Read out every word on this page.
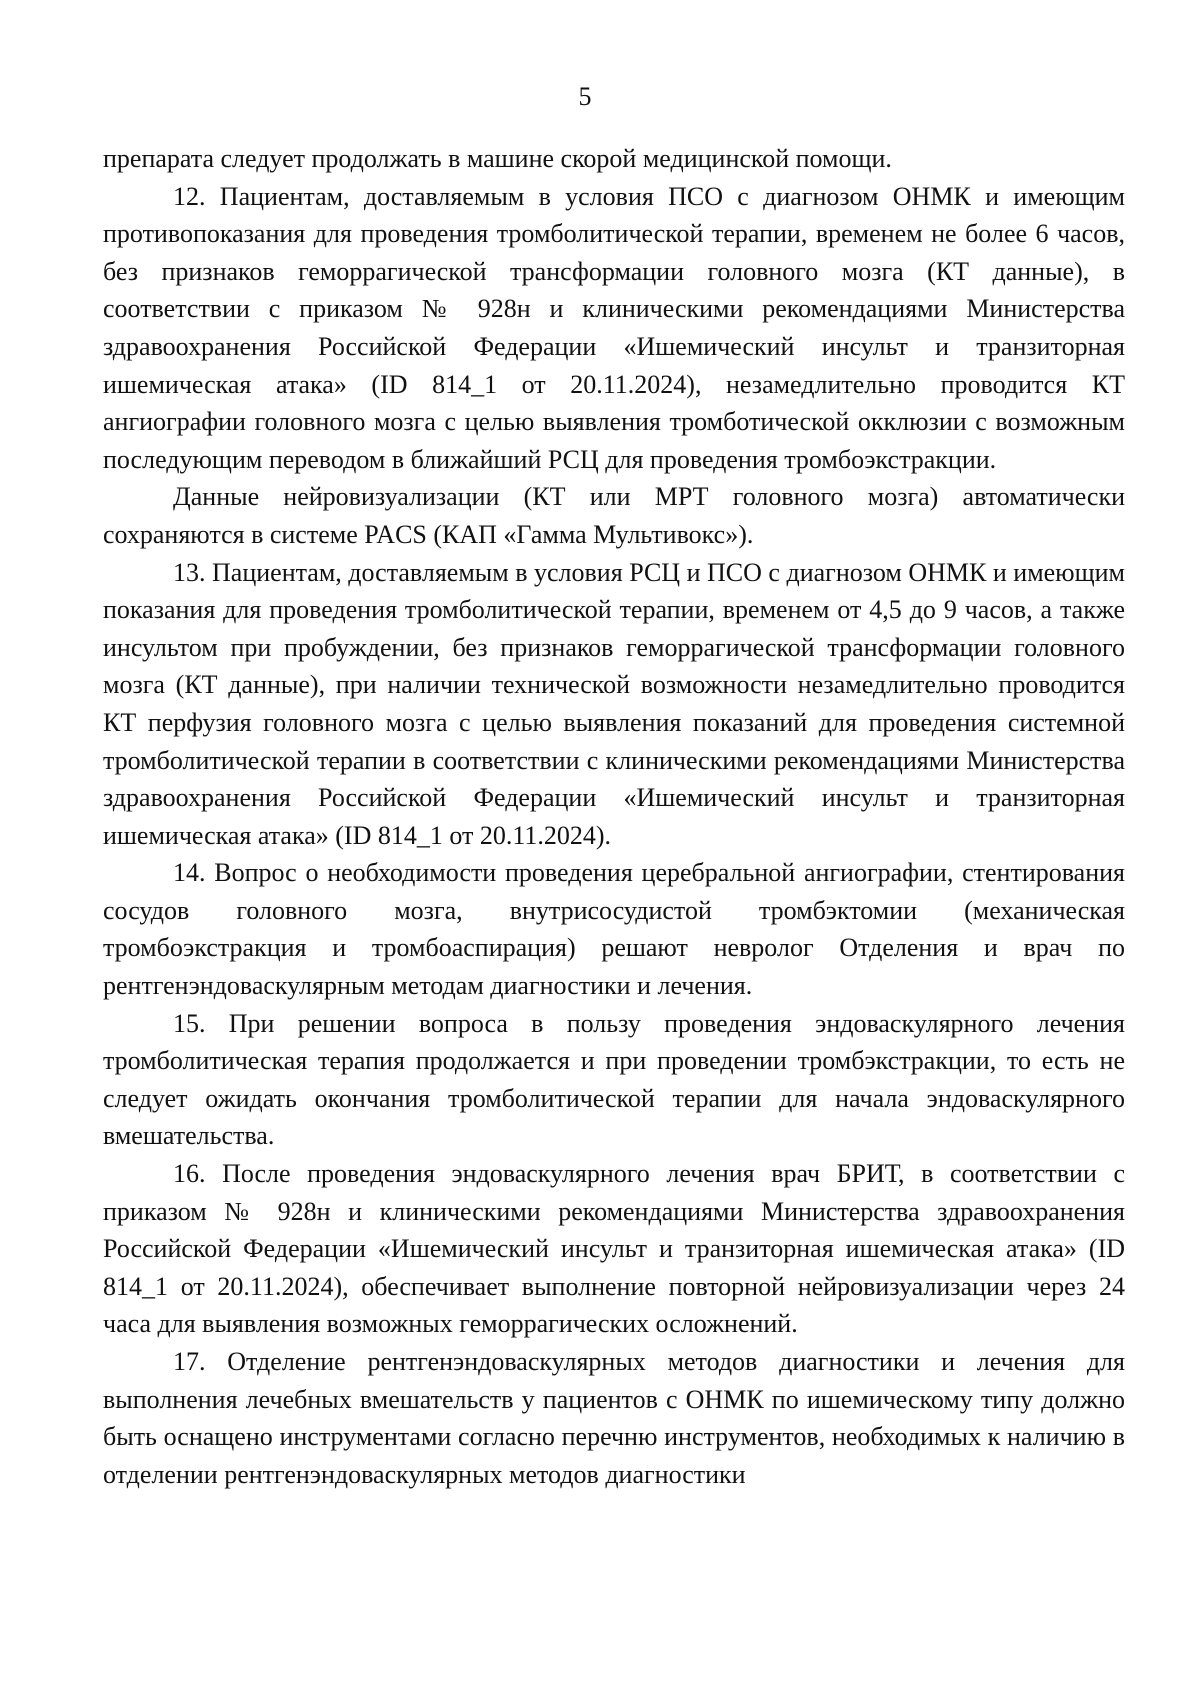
5

препарата следует продолжать в машине скорой медицинской помощи.

12. Пациентам, доставляемым в условия ПСО с диагнозом ОНМК и имеющим противопоказания для проведения тромболитической терапии, временем не более 6 часов, без признаков геморрагической трансформации головного мозга (КТ данные), в соответствии с приказом № 928н и клиническими рекомендациями Министерства здравоохранения Российской Федерации «Ишемический инсульт и транзиторная ишемическая атака» (ID 814_1 от 20.11.2024), незамедлительно проводится КТ ангиографии головного мозга с целью выявления тромботической окклюзии с возможным последующим переводом в ближайший РСЦ для проведения тромбоэкстракции.

Данные нейровизуализации (КТ или МРТ головного мозга) автоматически сохраняются в системе PACS (КАП «Гамма Мультивокс»).

13. Пациентам, доставляемым в условия РСЦ и ПСО с диагнозом ОНМК и имеющим показания для проведения тромболитической терапии, временем от 4,5 до 9 часов, а также инсультом при пробуждении, без признаков геморрагической трансформации головного мозга (КТ данные), при наличии технической возможности незамедлительно проводится КТ перфузия головного мозга с целью выявления показаний для проведения системной тромболитической терапии в соответствии с клиническими рекомендациями Министерства здравоохранения Российской Федерации «Ишемический инсульт и транзиторная ишемическая атака» (ID 814_1 от 20.11.2024).

14. Вопрос о необходимости проведения церебральной ангиографии, стентирования сосудов головного мозга, внутрисосудистой тромбэктомии (механическая тромбоэкстракция и тромбоаспирация) решают невролог Отделения и врач по рентгенэндоваскулярным методам диагностики и лечения.

15. При решении вопроса в пользу проведения эндоваскулярного лечения тромболитическая терапия продолжается и при проведении тромбэкстракции, то есть не следует ожидать окончания тромболитической терапии для начала эндоваскулярного вмешательства.

16. После проведения эндоваскулярного лечения врач БРИТ, в соответствии с приказом № 928н и клиническими рекомендациями Министерства здравоохранения Российской Федерации «Ишемический инсульт и транзиторная ишемическая атака» (ID 814_1 от 20.11.2024), обеспечивает выполнение повторной нейровизуализации через 24 часа для выявления возможных геморрагических осложнений.

17. Отделение рентгенэндоваскулярных методов диагностики и лечения для выполнения лечебных вмешательств у пациентов с ОНМК по ишемическому типу должно быть оснащено инструментами согласно перечню инструментов, необходимых к наличию в отделении рентгенэндоваскулярных методов диагностики
